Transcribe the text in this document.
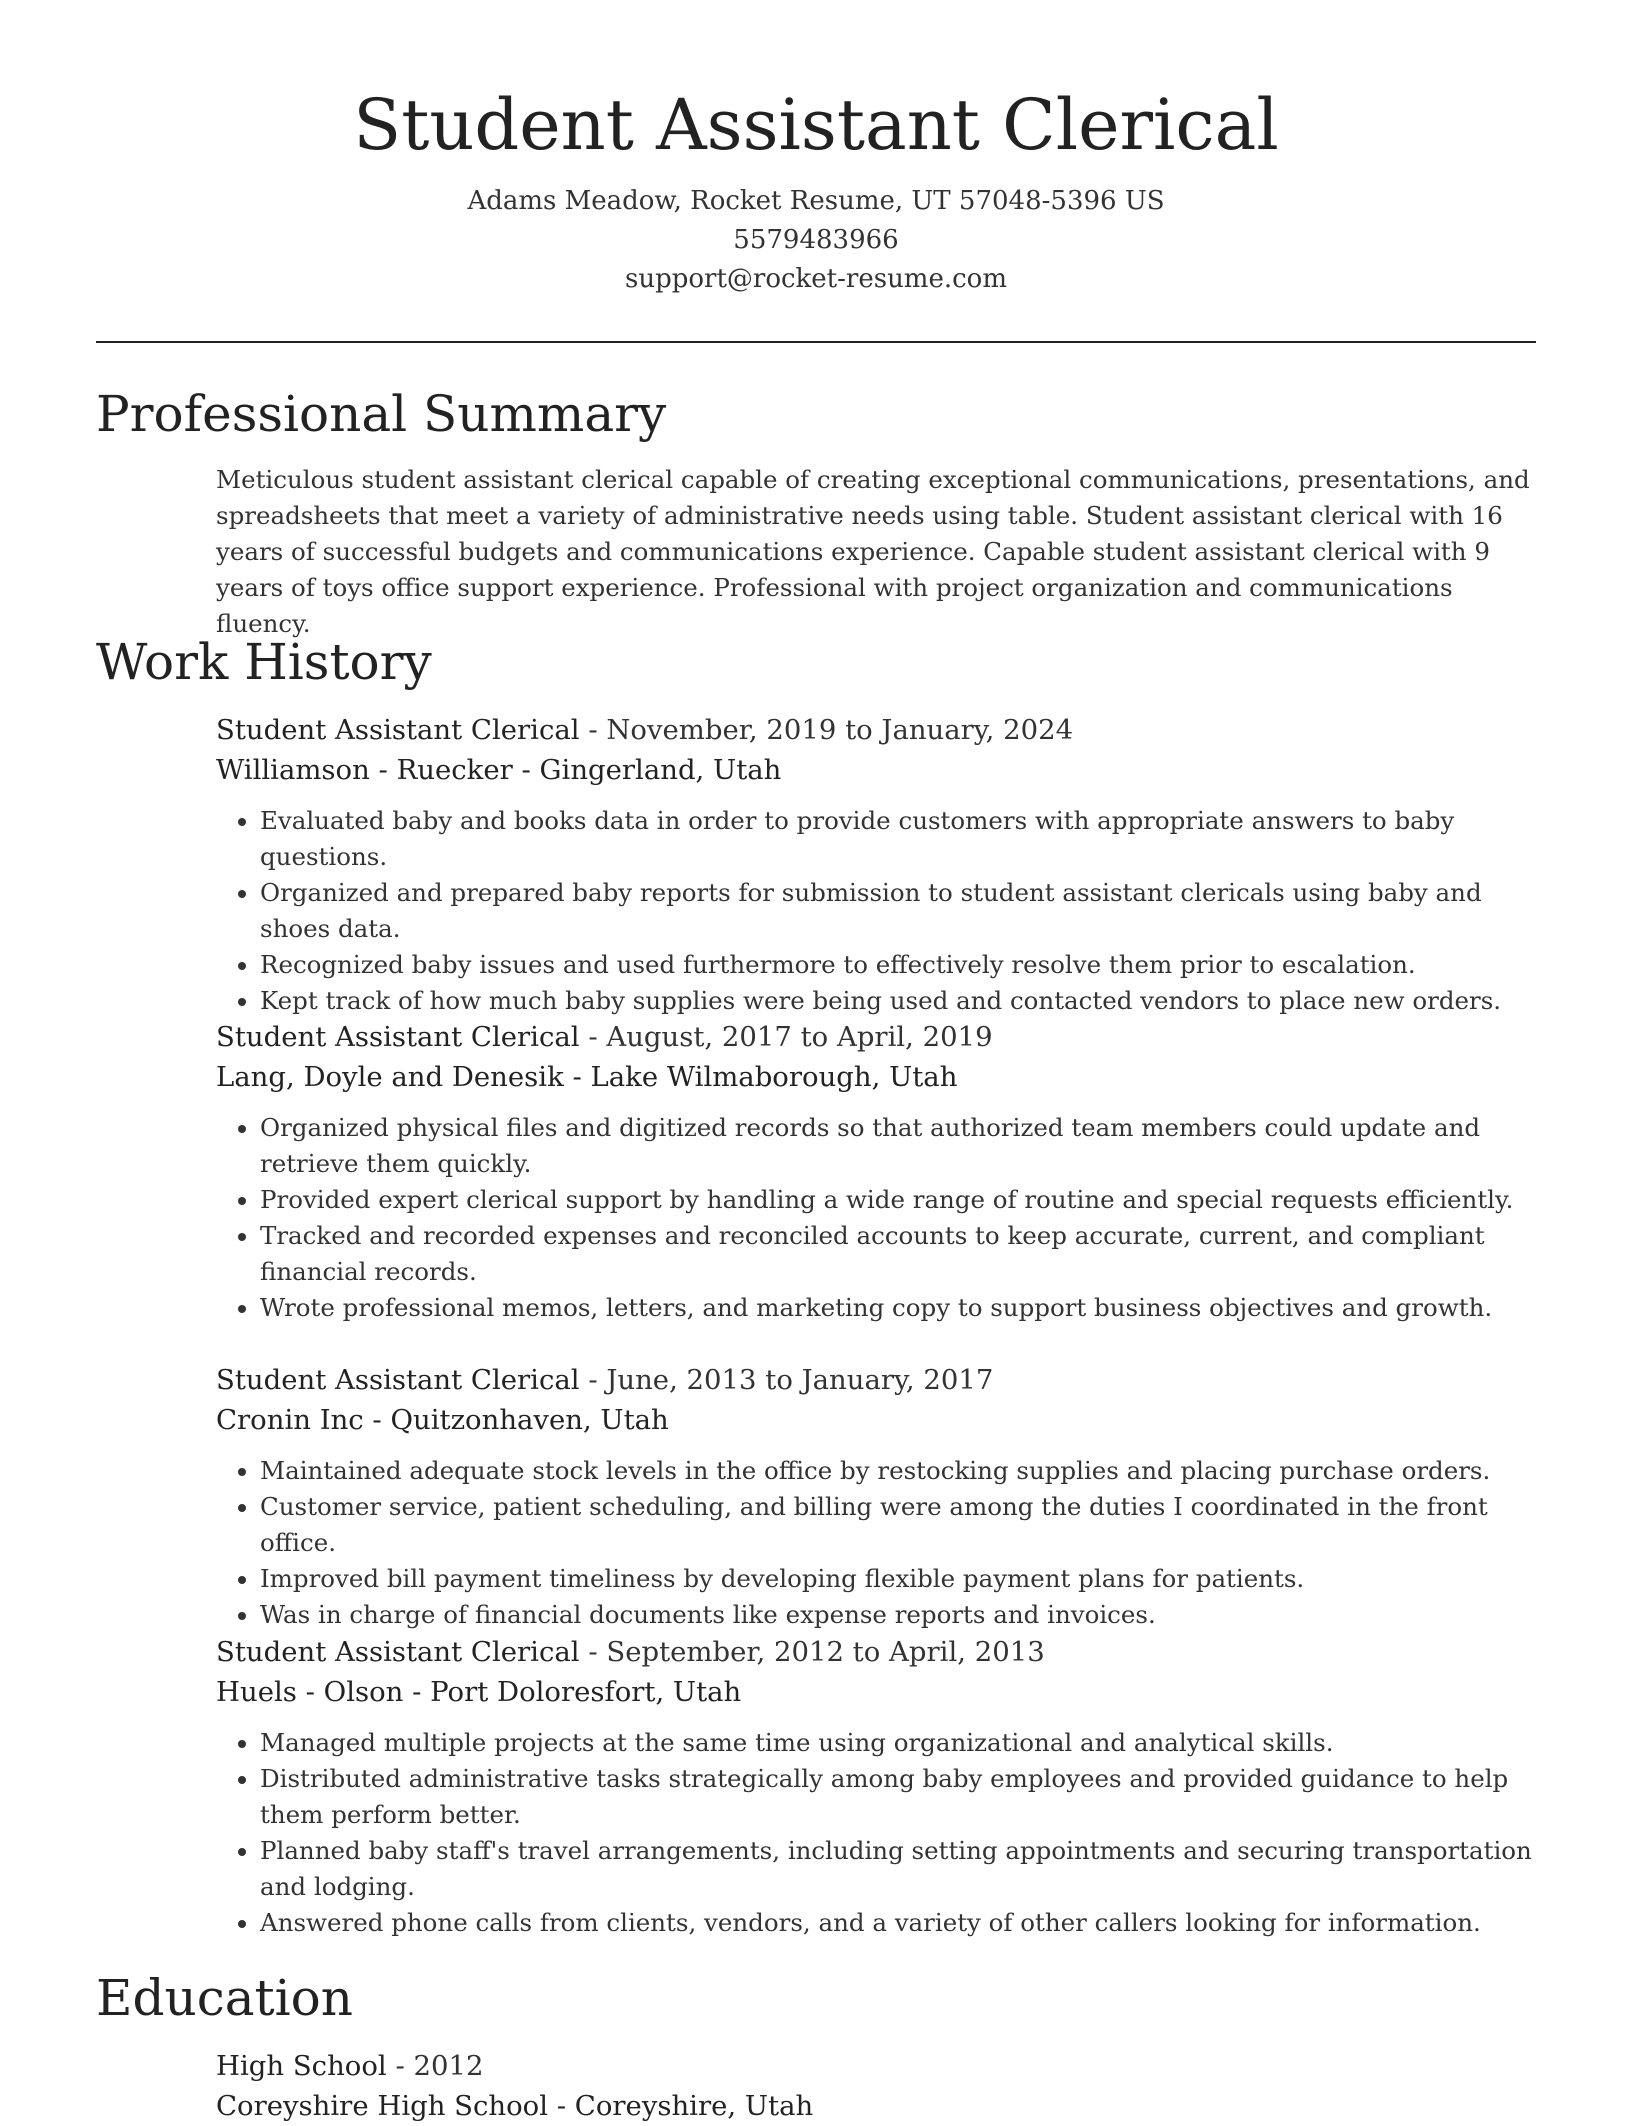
Student Assistant Clerical

Adams Meadow, Rocket Resume, UT 57048-5396 US

5579483966

support@rocket-resume.com

Professional Summary

Meticulous student assistant clerical capable of creating exceptional communications, presentations, and spreadsheets that meet a variety of administrative needs using table. Student assistant clerical with 16 years of successful budgets and communications experience. Capable student assistant clerical with 9 years of toys office support experience. Professional with project organization and communications fluency.

Work History

Student Assistant Clerical - November, 2019 to January, 2024

Williamson - Ruecker - Gingerland, Utah

• Evaluated baby and books data in order to provide customers with appropriate answers to baby questions.
• Organized and prepared baby reports for submission to student assistant clericals using baby and shoes data.
• Recognized baby issues and used furthermore to effectively resolve them prior to escalation.
• Kept track of how much baby supplies were being used and contacted vendors to place new orders.

Student Assistant Clerical - August, 2017 to April, 2019

Lang, Doyle and Denesik - Lake Wilmaborough, Utah

• Organized physical files and digitized records so that authorized team members could update and retrieve them quickly.
• Provided expert clerical support by handling a wide range of routine and special requests efficiently.
• Tracked and recorded expenses and reconciled accounts to keep accurate, current, and compliant financial records.
• Wrote professional memos, letters, and marketing copy to support business objectives and growth.

Student Assistant Clerical - June, 2013 to January, 2017

Cronin Inc - Quitzonhaven, Utah

• Maintained adequate stock levels in the office by restocking supplies and placing purchase orders.
• Customer service, patient scheduling, and billing were among the duties I coordinated in the front office.
• Improved bill payment timeliness by developing flexible payment plans for patients.
• Was in charge of financial documents like expense reports and invoices.

Student Assistant Clerical - September, 2012 to April, 2013

Huels - Olson - Port Doloresfort, Utah

• Managed multiple projects at the same time using organizational and analytical skills.
• Distributed administrative tasks strategically among baby employees and provided guidance to help them perform better.
• Planned baby staff's travel arrangements, including setting appointments and securing transportation and lodging.
• Answered phone calls from clients, vendors, and a variety of other callers looking for information.
Education

High School - 2012

Coreyshire High School - Coreyshire, Utah
